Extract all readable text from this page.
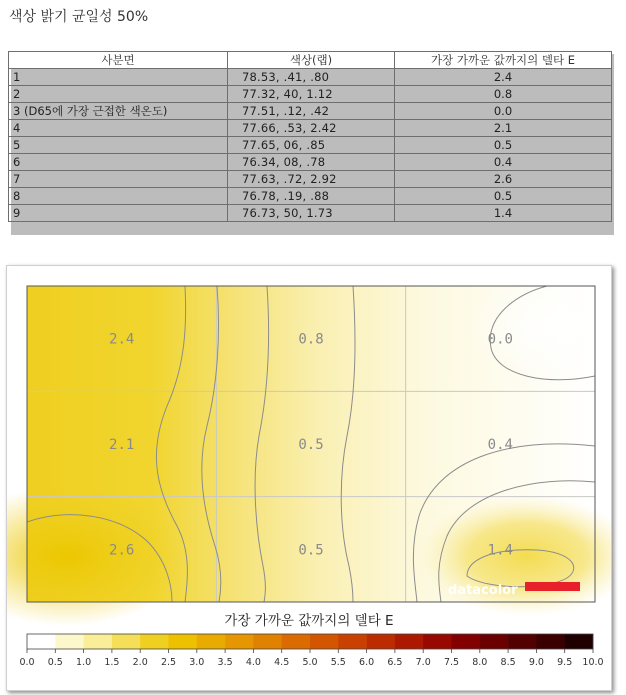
색상 밝기 균일성 50%
사분면	색상(랩)	가장 가까운 값까지의 델타 E
1	78.53, .41, .80	2.4
2	77.32, 40, 1.12	0.8
3 (D65에 가장 근접한 색온도)	77.51, .12, .42	0.0
4	77.66, .53, 2.42	2.1
5	77.65, 06, .85	0.5
6	76.34, 08, .78	0.4
7	77.63, .72, 2.92	2.6
8	76.78, .19, .88	0.5
9	76.73, 50, 1.73	1.4
2.4	0.8	0.0
2.1	0.5	0.4
2.6	0.5	1.4
datacolor
가장 가까운 값까지의 델타 E
0.0 0.5 1.0 1.5 2.0 2.5 3.0 3.5 4.0 4.5 5.0 5.5 6.0 6.5 7.0 7.5 8.0 8.5 9.0 9.5 10.0
